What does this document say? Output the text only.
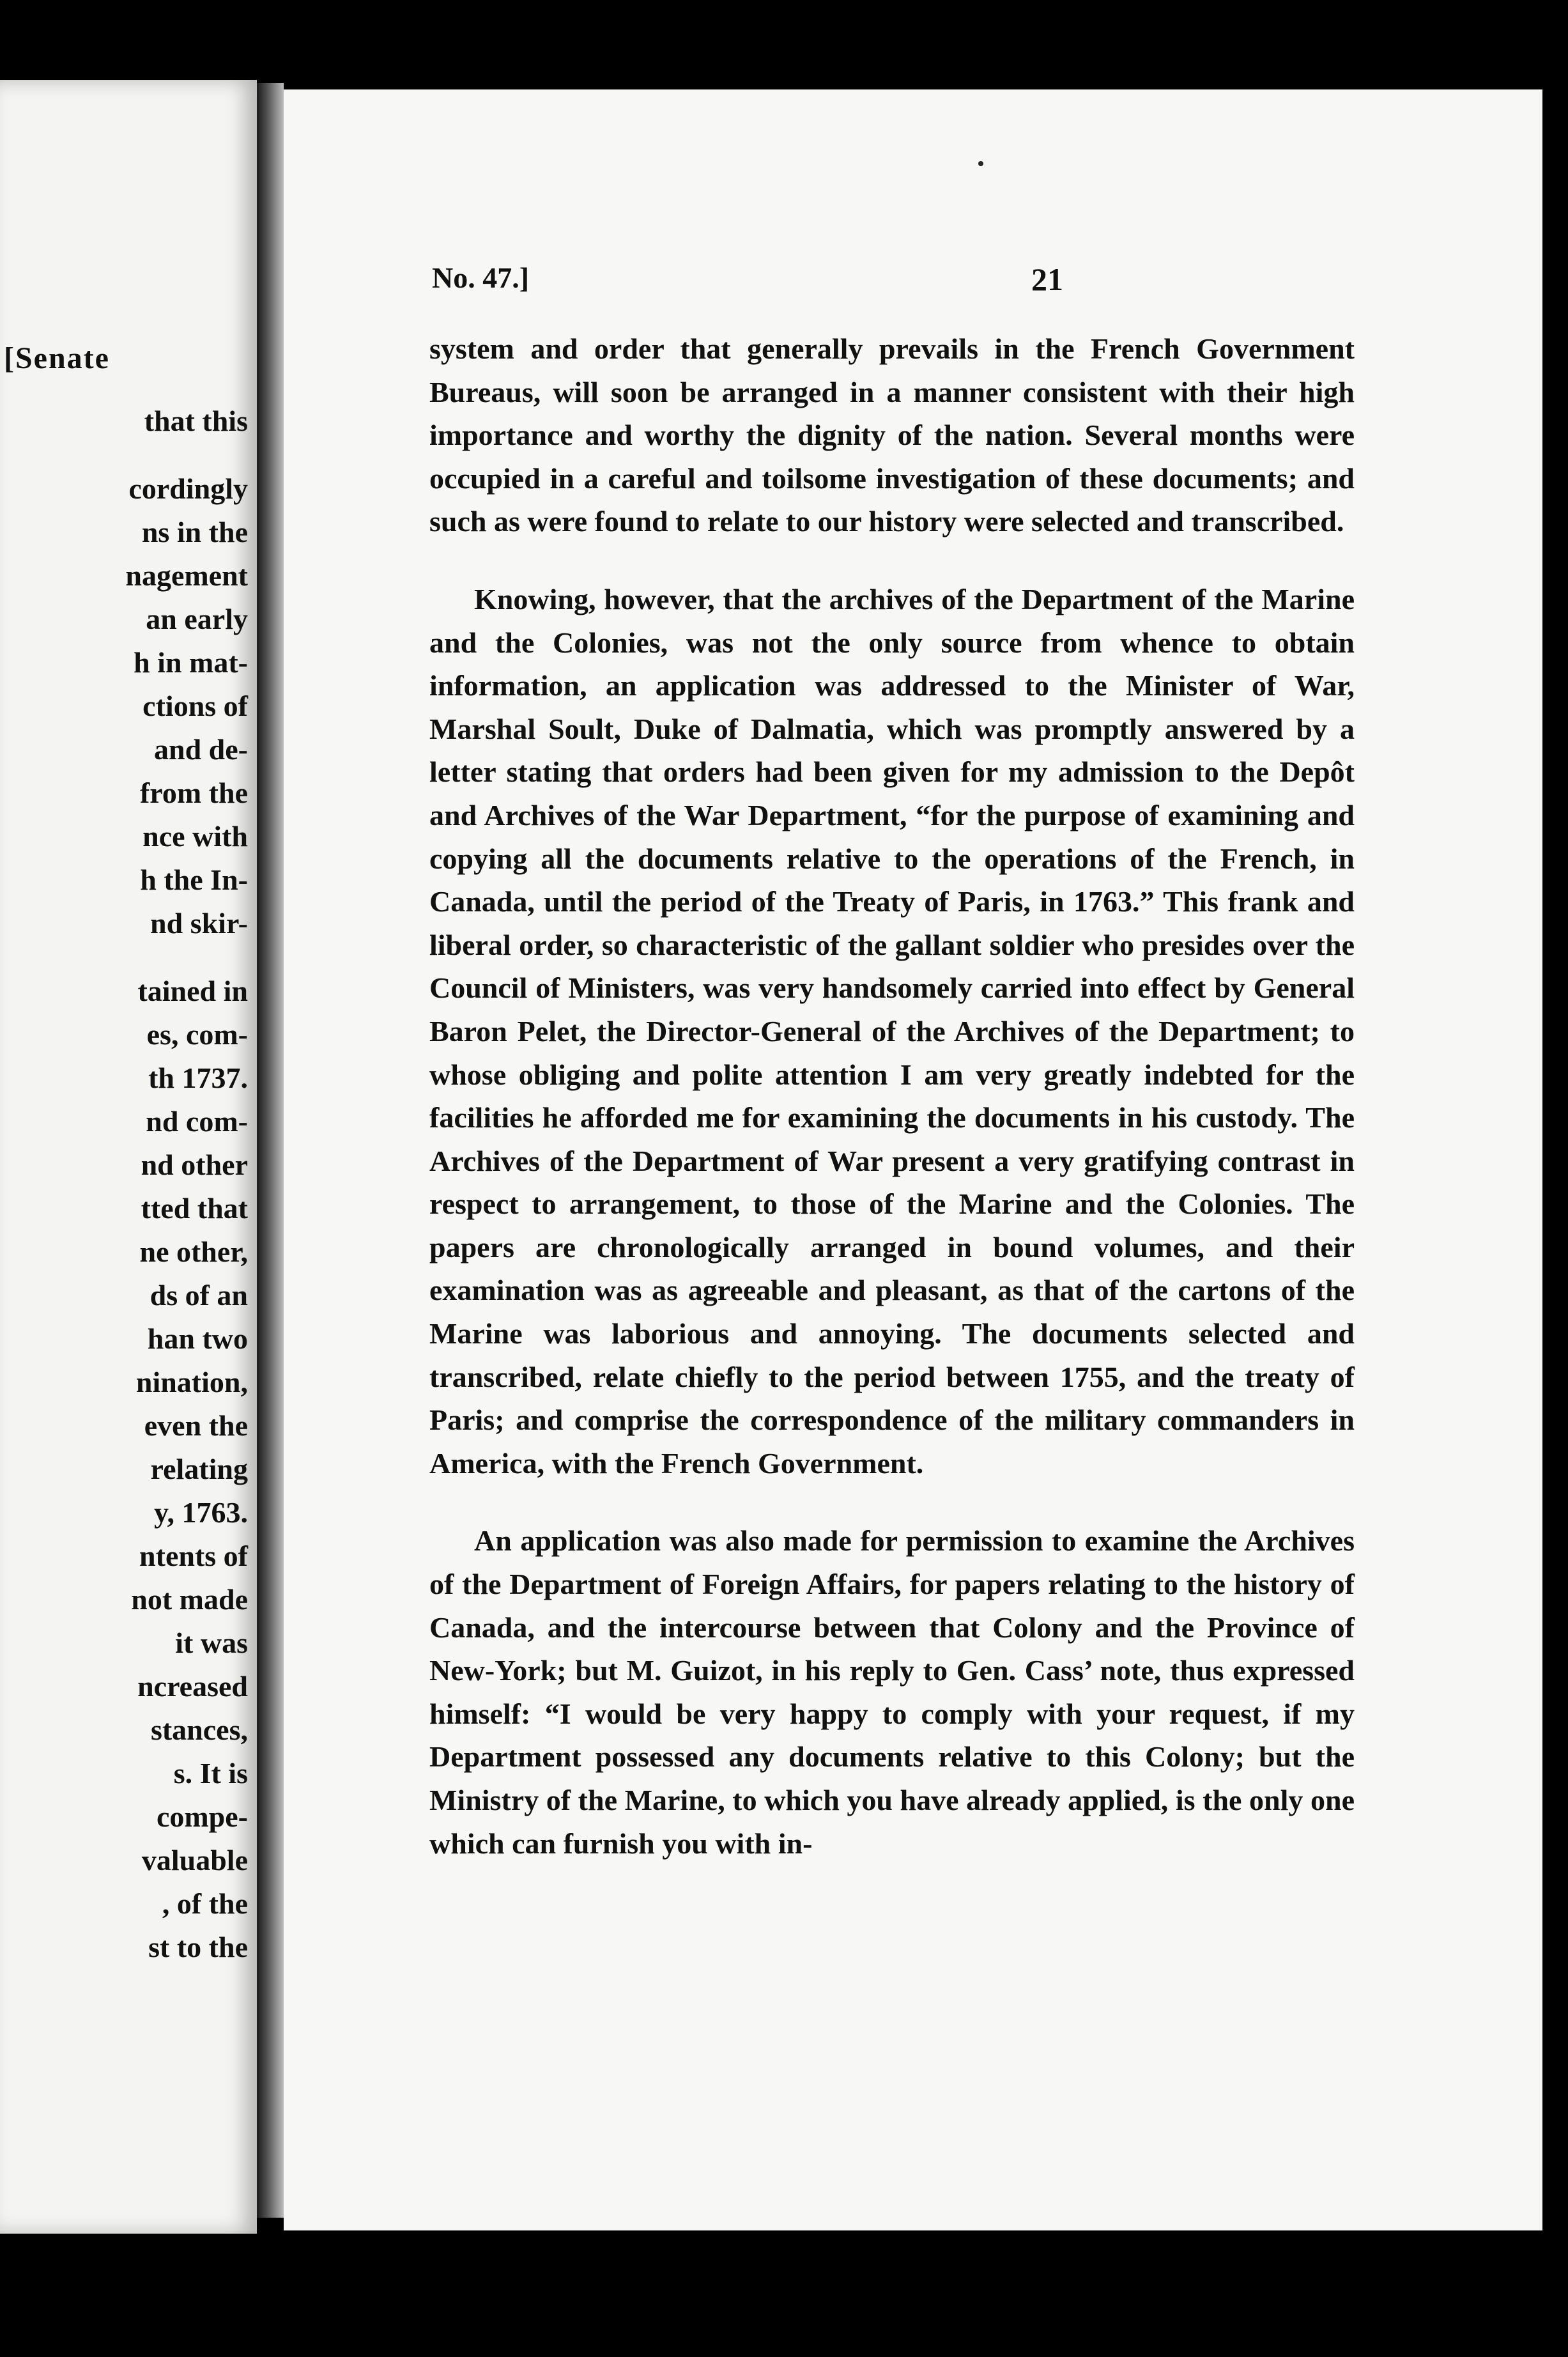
[Senate
that this
cordingly
ns in the
nagement
an early
h in mat-
ctions of
and de-
from the
nce with
h the In-
nd skir-
tained in
es, com-
th 1737.
nd com-
nd other
tted that
ne other,
ds of an
han two
nination,
even the
relating
y, 1763.
ntents of
not made
it was
ncreased
stances,
s. It is
compe-
valuable
, of the
st to the
No. 47.]	21

system and order that generally prevails in the French Government Bureaus, will soon be arranged in a manner consistent with their high importance and worthy the dignity of the nation. Several months were occupied in a careful and toilsome investigation of these documents; and such as were found to relate to our history were selected and transcribed.

Knowing, however, that the archives of the Department of the Marine and the Colonies, was not the only source from whence to obtain information, an application was addressed to the Minister of War, Marshal Soult, Duke of Dalmatia, which was promptly answered by a letter stating that orders had been given for my admission to the Depôt and Archives of the War Department, “for the purpose of examining and copying all the documents relative to the operations of the French, in Canada, until the period of the Treaty of Paris, in 1763.” This frank and liberal order, so characteristic of the gallant soldier who presides over the Council of Ministers, was very handsomely carried into effect by General Baron Pelet, the Director-General of the Archives of the Department; to whose obliging and polite attention I am very greatly indebted for the facilities he afforded me for examining the documents in his custody. The Archives of the Department of War present a very gratifying contrast in respect to arrangement, to those of the Marine and the Colonies. The papers are chronologically arranged in bound volumes, and their examination was as agreeable and pleasant, as that of the cartons of the Marine was laborious and annoying. The documents selected and transcribed, relate chiefly to the period between 1755, and the treaty of Paris; and comprise the correspondence of the military commanders in America, with the French Government.

An application was also made for permission to examine the Archives of the Department of Foreign Affairs, for papers relating to the history of Canada, and the intercourse between that Colony and the Province of New-York; but M. Guizot, in his reply to Gen. Cass’ note, thus expressed himself: “I would be very happy to comply with your request, if my Department possessed any documents relative to this Colony; but the Ministry of the Marine, to which you have already applied, is the only one which can furnish you with in-
